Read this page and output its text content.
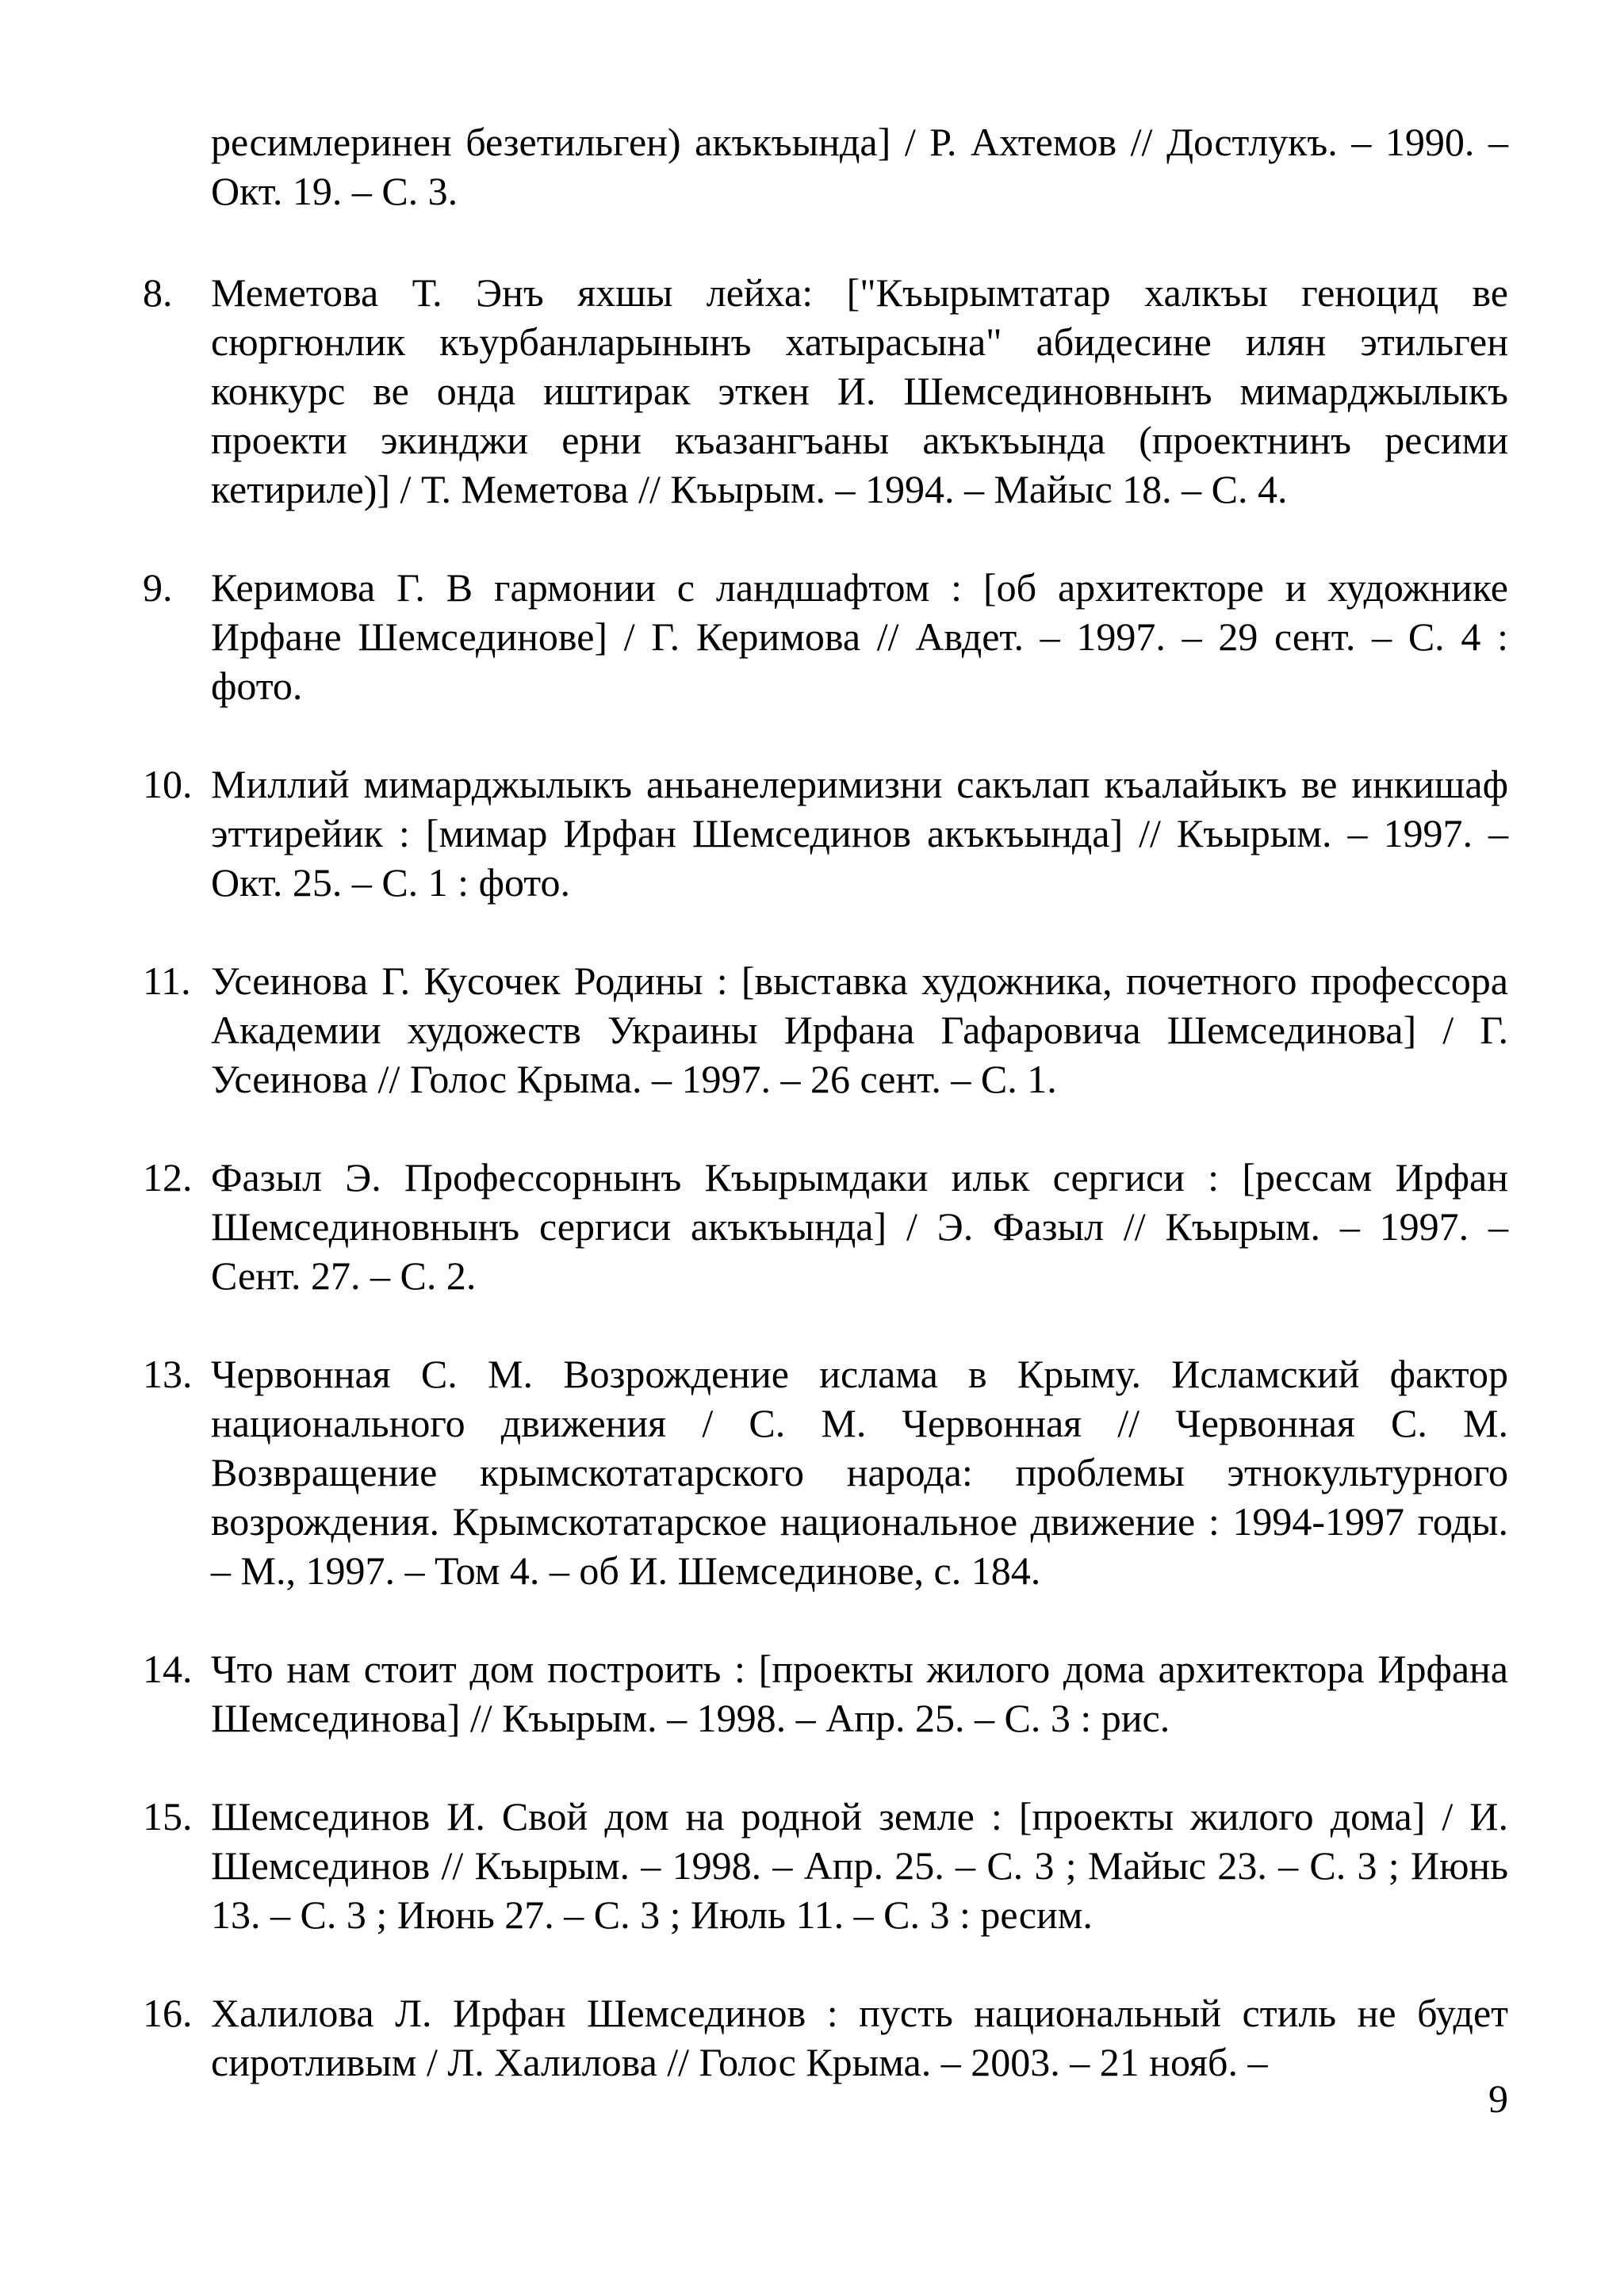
ресимлеринен безетильген) акъкъында] / Р. Ахтемов // Достлукъ. – 1990. – Окт. 19. – С. 3.
8. Меметова Т. Энъ яхшы лейха: ["Къырымтатар халкъы геноцид ве сюргюнлик къурбанларынынъ хатырасына" абидесине илян этильген конкурс ве онда иштирак эткен И. Шемсединовнынъ мимарджылыкъ проекти экинджи ерни къазангъаны акъкъында (проектнинъ ресими кетириле)] / Т. Меметова // Къырым. – 1994. – Майыс 18. – С. 4.
9. Керимова Г. В гармонии с ландшафтом : [об архитекторе и художнике Ирфане Шемсединове] / Г. Керимова // Авдет. – 1997. – 29 сент. – С. 4 : фото.
10. Миллий мимарджылыкъ аньанелеримизни сакълап къалайыкъ ве инкишаф эттирейик : [мимар Ирфан Шемсединов акъкъында] // Къырым. – 1997. – Окт. 25. – С. 1 : фото.
11. Усеинова Г. Кусочек Родины : [выставка художника, почетного профессора Академии художеств Украины Ирфана Гафаровича Шемсединова] / Г. Усеинова // Голос Крыма. – 1997. – 26 сент. – С. 1.
12. Фазыл Э. Профессорнынъ Къырымдаки ильк сергиси : [рессам Ирфан Шемсединовнынъ сергиси акъкъында] / Э. Фазыл // Къырым. – 1997. – Сент. 27. – С. 2.
13. Червонная С. М. Возрождение ислама в Крыму. Исламский фактор национального движения / С. М. Червонная // Червонная С. М. Возвращение крымскотатарского народа: проблемы этнокультурного возрождения. Крымскотатарское национальное движение : 1994-1997 годы. – М., 1997. – Том 4. – об И. Шемсединове, с. 184.
14. Что нам стоит дом построить : [проекты жилого дома архитектора Ирфана Шемсединова] // Къырым. – 1998. – Апр. 25. – С. 3 : рис.
15. Шемсединов И. Свой дом на родной земле : [проекты жилого дома] / И. Шемсединов // Къырым. – 1998. – Апр. 25. – С. 3 ; Майыс 23. – С. 3 ; Июнь 13. – С. 3 ; Июнь 27. – С. 3 ; Июль 11. – С. 3 : ресим.
16. Халилова Л. Ирфан Шемсединов : пусть национальный стиль не будет сиротливым / Л. Халилова // Голос Крыма. – 2003. – 21 нояб. –
9
